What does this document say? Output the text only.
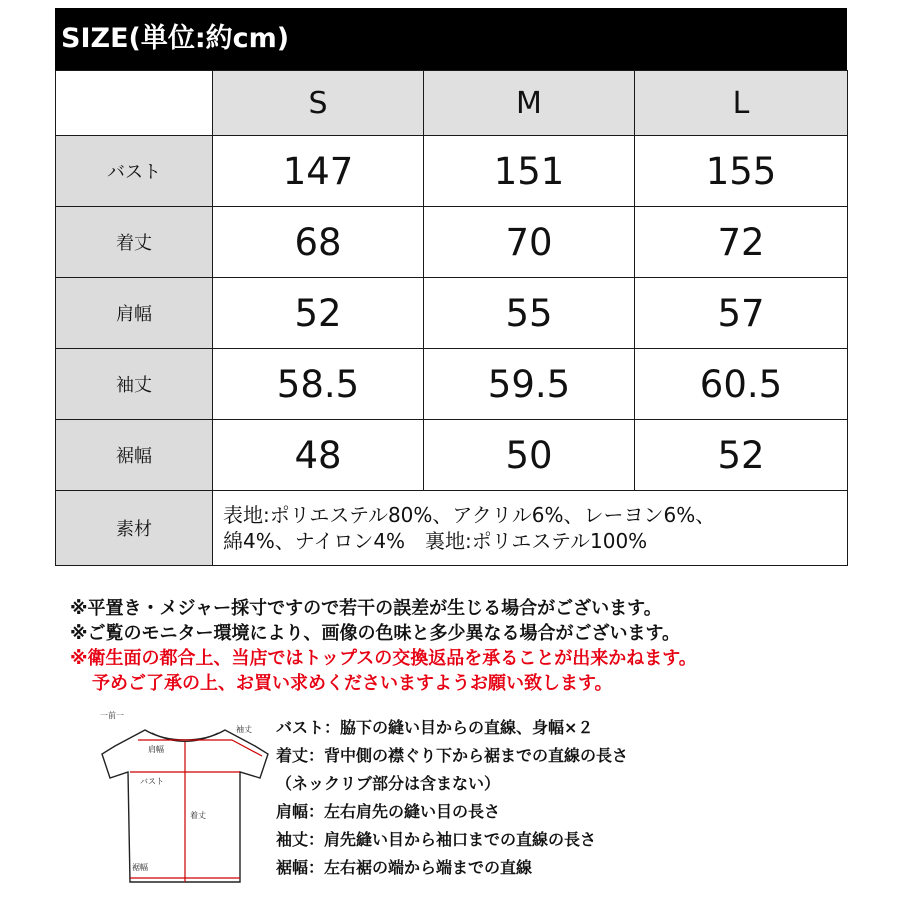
SIZE(単位:約cm)
	S	M	L
バスト	147	151	155
着丈	68	70	72
肩幅	52	55	57
袖丈	58.5	59.5	60.5
裾幅	48	50	52
素材	表地:ポリエステル80%、アクリル6%、レーヨン6%、
綿4%、ナイロン4%　裏地:ポリエステル100%		
※平置き・メジャー採寸ですので若干の誤差が生じる場合がございます。
※ご覧のモニター環境により、画像の色味と多少異なる場合がございます。
※衛生面の都合上、当店ではトップスの交換返品を承ることが出来かねます。
予めご了承の上、お買い求めくださいますようお願い致します。
一前一
肩幅
バスト
着丈
裾幅
袖丈 バスト：脇下の縫い目からの直線、身幅×２
着丈：背中側の襟ぐり下から裾までの直線の長さ
（ネックリブ部分は含まない）
肩幅：左右肩先の縫い目の長さ
袖丈：肩先縫い目から袖口までの直線の長さ
裾幅：左右裾の端から端までの直線
